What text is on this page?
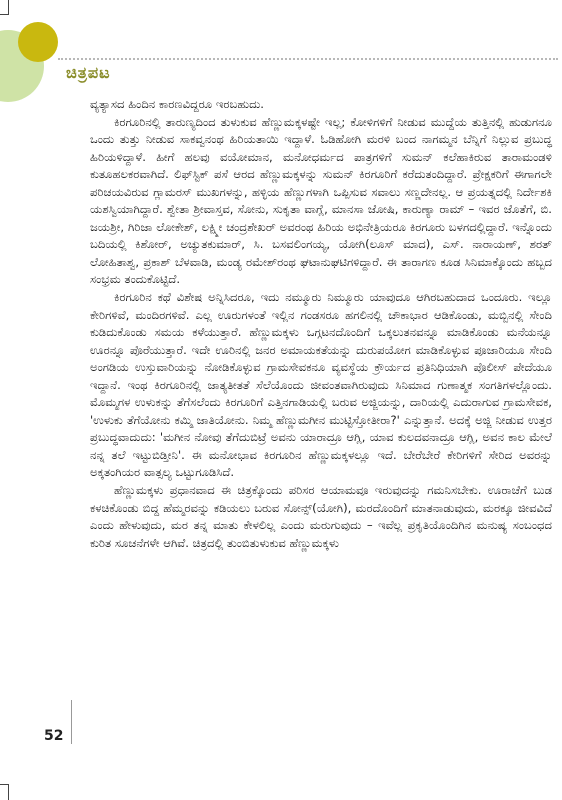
ಚಿತ್ರಪಟ

ವ್ಯತ್ಯಾಸದ ಹಿಂದಿನ ಕಾರಣವಿದ್ದರೂ ಇರಬಹುದು.

ಕಿರಗೂರಿನಲ್ಲಿ ತಾರುಣ್ಯದಿಂದ ತುಳುಕುವ ಹೆಣ್ಣುಮಕ್ಕಳಷ್ಟೇ ಇಲ್ಲ; ಕೋಳಿಗಳಿಗೆ ನೀಡುವ ಮುದ್ದೆಯ ತುತ್ತಿನಲ್ಲಿ ಹುಡುಗನೂ ಒಂದು ತುತ್ತು ನೀಡುವ ಸಾಕವ್ವನಂಥ ಹಿರಿಯತಾಯಿ ಇದ್ದಾಳೆ. ಓಡಿಹೋಗಿ ಮರಳಿ ಬಂದ ನಾಗಮ್ಮನ ಬೆನ್ನಿಗೆ ನಿಲ್ಲುವ ಪ್ರಬುದ್ಧ ಹಿರಿಯಳಿದ್ದಾಳೆ. ಹೀಗೆ ಹಲವು ವಯೋಮಾನ, ಮನೋಧರ್ಮದ ಪಾತ್ರಗಳಿಗೆ ಸುಮನ್ ಕಲೆಹಾಕಿರುವ ತಾರಾಮಂಡಳಿ ಕುತೂಹಲಕರವಾಗಿದೆ. ಲಿಫ್‌ಸ್ಟಿಕ್ ಪಸೆ ಆರದ ಹೆಣ್ಣುಮಕ್ಕಳನ್ನು ಸುಮನ್ ಕಿರಗೂರಿಗೆ ಕರೆದುತಂದಿದ್ದಾರೆ. ಪ್ರೇಕ್ಷಕರಿಗೆ ಈಗಾಗಲೇ ಪರಿಚಯವಿರುವ ಗ್ಲಾಮರಸ್ ಮುಖಗಳನ್ನು, ಹಳ್ಳಿಯ ಹೆಣ್ಣುಗಳಾಗಿ ಒಪ್ಪಿಸುವ ಸವಾಲು ಸಣ್ಣದೇನಲ್ಲ. ಆ ಪ್ರಯತ್ನದಲ್ಲಿ ನಿರ್ದೇಶಕಿ ಯಶಸ್ವಿಯಾಗಿದ್ದಾರೆ. ಶ್ವೇತಾ ಶ್ರೀವಾಸ್ತವ, ಸೋನು, ಸುಕೃತಾ ವಾಗ್ಲೆ, ಮಾನಸಾ ಜೋಷಿ, ಕಾರುಣ್ಯಾ ರಾಮ್ – ಇವರ ಜೊತೆಗೆ, ಬಿ. ಜಯಶ್ರೀ, ಗಿರಿಜಾ ಲೋಕೇಶ್, ಲಕ್ಷ್ಮೀ ಚಂದ್ರಶೇಖರ್ ಅವರಂಥ ಹಿರಿಯ ಅಭಿನೇತ್ರಿಯರೂ ಕಿರಗೂರು ಬಳಗದಲ್ಲಿದ್ದಾರೆ. ಇನ್ನೊಂದು ಬದಿಯಲ್ಲಿ ಕಿಶೋರ್, ಅಚ್ಯುತಕುಮಾರ್, ಸಿ. ಬಸವಲಿಂಗಯ್ಯ, ಯೋಗಿ(ಲೂಸ್ ಮಾದ), ಎಸ್. ನಾರಾಯಣ್, ಶರತ್ ಲೋಹಿತಾಶ್ವ, ಪ್ರಕಾಶ್ ಬೆಳವಾಡಿ, ಮಂಡ್ಯ ರಮೇಶ್‌ರಂಥ ಘಟಾನುಘಟಿಗಳಿದ್ದಾರೆ. ಈ ತಾರಾಗಣ ಕೂಡ ಸಿನಿಮಾಕ್ಕೊಂದು ಹಬ್ಬದ ಸಂಭ್ರಮ ತಂದುಕೊಟ್ಟಿದೆ.

ಕಿರಗೂರಿನ ಕಥೆ ವಿಶೇಷ ಅನ್ನಿಸಿದರೂ, ಇದು ನಮ್ಮೂರು ನಿಮ್ಮೂರು ಯಾವುದೂ ಆಗಿರಬಹುದಾದ ಒಂದೂರು. ಇಲ್ಲೂ ಕೇರಿಗಳಿವೆ, ಮಂದಿರಗಳಿವೆ. ಎಲ್ಲ ಊರುಗಳಂತೆ ಇಲ್ಲಿನ ಗಂಡಸರೂ ಹಗಲಿನಲ್ಲಿ ಚೌಕಾಭಾರ ಆಡಿಕೊಂಡು, ಮಬ್ಬಿನಲ್ಲಿ ಸೇಂದಿ ಕುಡಿದುಕೊಂಡು ಸಮಯ ಕಳೆಯುತ್ತಾರೆ. ಹೆಣ್ಣುಮಕ್ಕಳು ಒಗ್ಗಟನದೊಂದಿಗೆ ಒಕ್ಕಲುತನವನ್ನೂ ಮಾಡಿಕೊಂಡು ಮನೆಯನ್ನೂ ಊರನ್ನೂ ಪೊರೆಯುತ್ತಾರೆ. ಇದೇ ಊರಿನಲ್ಲಿ ಜನರ ಅಮಾಯಕತೆಯನ್ನು ದುರುಪಯೋಗ ಮಾಡಿಕೊಳ್ಳುವ ಪೂಜಾರಿಯೂ ಸೇಂದಿ ಅಂಗಡಿಯ ಉಸ್ತುವಾರಿಯನ್ನು ನೋಡಿಕೊಳ್ಳುವ ಗ್ರಾಮಸೇವಕನೂ ವ್ಯವಸ್ಥೆಯ ಕ್ರೌರ್ಯದ ಪ್ರತಿನಿಧಿಯಾಗಿ ಪೊಲೀಸ್ ಪೇದೆಯೂ ಇದ್ದಾನೆ. ಇಂಥ ಕಿರಗೂರಿನಲ್ಲಿ ಜಾತ್ಯತೀತತೆ ಸೆಲೆಯೊಂದು ಜೀವಂತವಾಗಿರುವುದು ಸಿನಿಮಾದ ಗುಣಾತ್ಮಕ ಸಂಗತಿಗಳಲ್ಲೊಂದು. ಮೊಮ್ಮಗಳ ಉಳುಕನ್ನು ತೆಗೆಸಲೆಂದು ಕಿರಗೂರಿಗೆ ಎತ್ತಿನಗಾಡಿಯಲ್ಲಿ ಬರುವ ಅಜ್ಜಿಯನ್ನು, ದಾರಿಯಲ್ಲಿ ಎದುರಾಗುವ ಗ್ರಾಮಸೇವಕ, 'ಉಳುಕು ತೆಗೆಯೋನು ಕಮ್ಮಿ ಜಾತಿಯೋನು. ನಿಮ್ಮ ಹೆಣ್ಣುಮಗೀನ ಮುಟ್ಟಿಸ್ತೋತೀರಾ?' ಎನ್ನುತ್ತಾನೆ. ಅದಕ್ಕೆ ಅಜ್ಜಿ ನೀಡುವ ಉತ್ತರ ಪ್ರಬುದ್ಧವಾದುದು: 'ಮಗೀನ ನೋವು ತೆಗೆದುಬಿಟ್ರೆ ಅವನು ಯಾರಾದ್ರೂ ಆಗ್ಲಿ, ಯಾವ ಕುಲದವನಾದ್ರೂ ಆಗ್ಲಿ, ಅವನ ಕಾಲ ಮೇಲೆ ನನ್ನ ತಲೆ ಇಟ್ಟುಬಿಡ್ತೀನಿ'. ಈ ಮನೋಭಾವ ಕಿರಗೂರಿನ ಹೆಣ್ಣುಮಕ್ಕಳಲ್ಲೂ ಇದೆ. ಬೇರೆಬೇರೆ ಕೇರಿಗಳಿಗೆ ಸೇರಿದ ಅವರನ್ನು ಅಕ್ಕತಂಗಿಯರ ವಾತ್ಸಲ್ಯ ಒಟ್ಟುಗೂಡಿಸಿದೆ.

ಹೆಣ್ಣುಮಕ್ಕಳು ಪ್ರಧಾನವಾದ ಈ ಚಿತ್ರಕ್ಕೊಂದು ಪರಿಸರ ಆಯಾಮವೂ ಇರುವುದನ್ನು ಗಮನಿಸಬೇಕು. ಊರಾಚೆಗೆ ಬುಡ ಕಳಚಿಕೊಂಡು ಬಿದ್ದ ಹೆಮ್ಮರವನ್ನು ಕಡಿಯಲು ಬರುವ ಸೋನ್ಸ್(ಯೋಗಿ), ಮರದೊಂದಿಗೆ ಮಾತನಾಡುವುದು, ಮರಕ್ಕೂ ಜೀವವಿದೆ ಎಂದು ಹೇಳುವುದು, ಮರ ತನ್ನ ಮಾತು ಕೇಳಲಿಲ್ಲ ಎಂದು ಮರುಗುವುದು – ಇವೆಲ್ಲ ಪ್ರಕೃತಿಯೊಂದಿಗಿನ ಮನುಷ್ಯ ಸಂಬಂಧದ ಕುರಿತ ಸೂಚನೆಗಳೇ ಆಗಿವೆ. ಚಿತ್ರದಲ್ಲಿ ತುಂಬಿತುಳುಕುವ ಹೆಣ್ಣುಮಕ್ಕಳು

52
